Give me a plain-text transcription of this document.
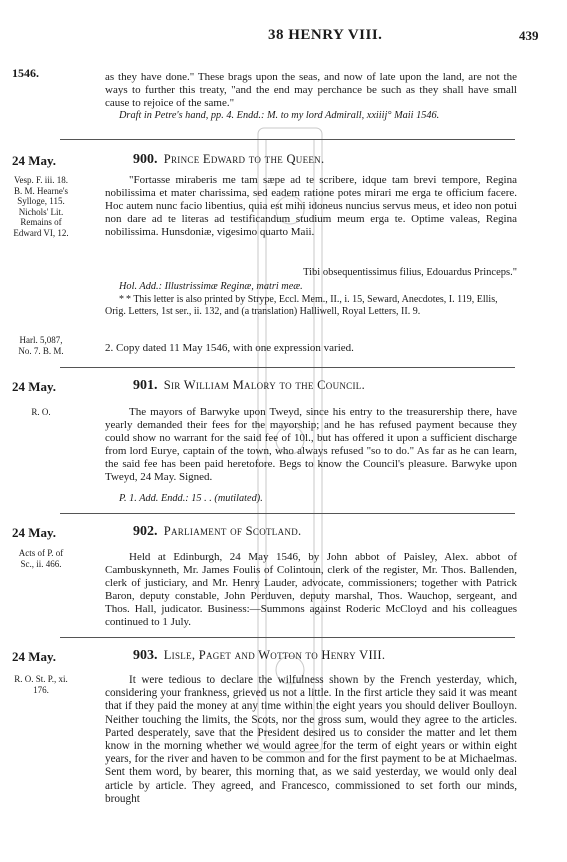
38 HENRY VIII.	439
1546.	as they have done." These brags upon the seas, and now of late upon the land, are not the ways to further this treaty, "and the end may perchance be such as they shall have small cause to rejoice of the same."

Draft in Petre's hand, pp. 4. Endd.: M. to my lord Admirall, xxiiij° Maii 1546.

24 May.	900. Prince Edward to the Queen.
Vesp. F. iii. 18. B. M. Hearne's Sylloge, 115. Nichols' Lit. Remains of Edward VI, 12.

"Fortasse miraberis me tam sæpe ad te scribere, idque tam brevi tempore, Regina nobilissima et mater charissima, sed eadem ratione potes mirari me erga te officium facere. Hoc autem nunc facio libentius, quia est mihi idoneus nuncius servus meus, et ideo non potui non dare ad te literas ad testificandum studium meum erga te. Optime valeas, Regina nobilissima. Hunsdoniæ, vigesimo quarto Maii.

Tibi obsequentissimus filius, Edouardus Princeps."

Hol. Add.: Illustrissimæ Reginæ, matri meæ.

* * This letter is also printed by Strype, Eccl. Mem., II., i. 15, Seward, Anecdotes, I. 119, Ellis, Orig. Letters, 1st ser., ii. 132, and (a translation) Halliwell, Royal Letters, II. 9.

Harl. 5,087, No. 7. B. M.	2. Copy dated 11 May 1546, with one expression varied.

24 May.	901. Sir William Malory to the Council.
R. O.	The mayors of Barwyke upon Tweyd, since his entry to the treasurership there, have yearly demanded their fees for the mayorship; and he has refused payment because they could show no warrant for the said fee of 10l., but has offered it upon a sufficient discharge from lord Eurye, captain of the town, who always refused "so to do." As far as he can learn, the said fee has been paid heretofore. Begs to know the Council's pleasure. Barwyke upon Tweyd, 24 May. Signed.

P. 1. Add. Endd.: 15 . . (mutilated).

24 May.	902. Parliament of Scotland.
Acts of P. of Sc., ii. 466.

Held at Edinburgh, 24 May 1546, by John abbot of Paisley, Alex. abbot of Cambuskynneth, Mr. James Foulis of Colintoun, clerk of the register, Mr. Thos. Ballenden, clerk of justiciary, and Mr. Henry Lauder, advocate, commissioners; together with Patrick Baron, deputy constable, John Perduven, deputy marshal, Thos. Wauchop, sergeant, and Thos. Hall, judicator. Business:—Summons against Roderic McCloyd and his colleagues continued to 1 July.

24 May.	903. Lisle, Paget and Wotton to Henry VIII.
R. O. St. P., xi. 176.

It were tedious to declare the wilfulness shown by the French yesterday, which, considering your frankness, grieved us not a little. In the first article they said it was meant that if they paid the money at any time within the eight years you should deliver Boulloyn. Neither touching the limits, the Scots, nor the gross sum, would they agree to the articles. Parted desperately, save that the President desired us to consider the matter and let them know in the morning whether we would agree for the term of eight years or within eight years, for the river and haven to be common and for the first payment to be at Michaelmas. Sent them word, by bearer, this morning that, as we said yesterday, we would only deal article by article. They agreed, and Francesco, commissioned to set forth our minds, brought
